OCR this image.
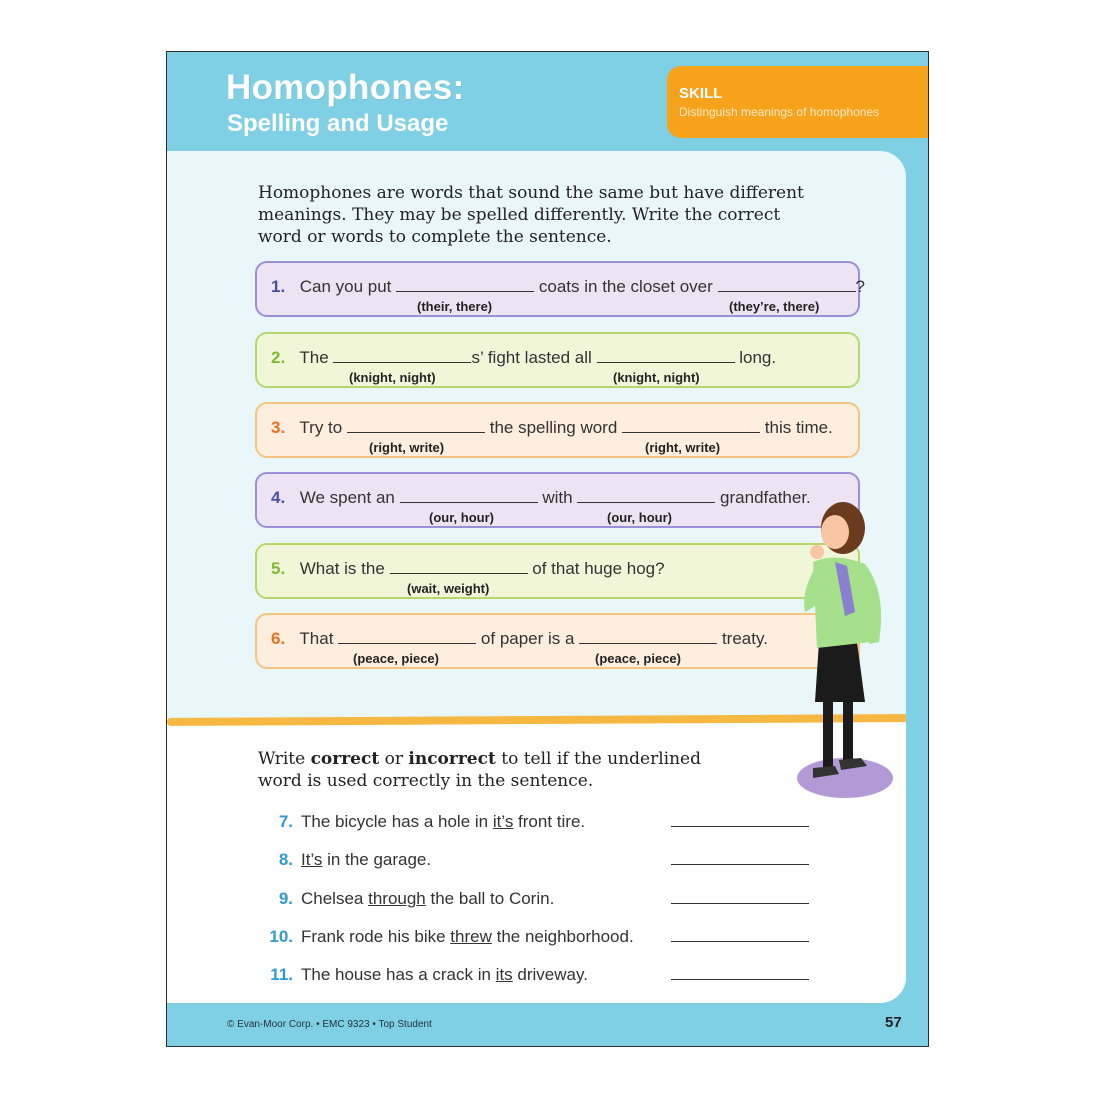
Homophones:
Spelling and Usage
SKILL
Distinguish meanings of homophones
Homophones are words that sound the same but have different meanings. They may be spelled differently. Write the correct word or words to complete the sentence.
1. Can you put	coats in the closet over	?
(their, there)	(they’re, there)
2. The	s’ fight lasted all	long.
(knight, night)	(knight, night)
3. Try to	the spelling word	this time.
(right, write)	(right, write)
4. We spent an	with	grandfather.
(our, hour)	(our, hour)
5. What is the	of that huge hog?
(wait, weight)
6. That	of paper is a	treaty.
(peace, piece)	(peace, piece)
Write correct or incorrect to tell if the underlined word is used correctly in the sentence.
7. The bicycle has a hole in it’s front tire.
8. It’s in the garage.
9. Chelsea through the ball to Corin.
10. Frank rode his bike threw the neighborhood.
11. The house has a crack in its driveway.
© Evan-Moor Corp. • EMC 9323 • Top Student	57
